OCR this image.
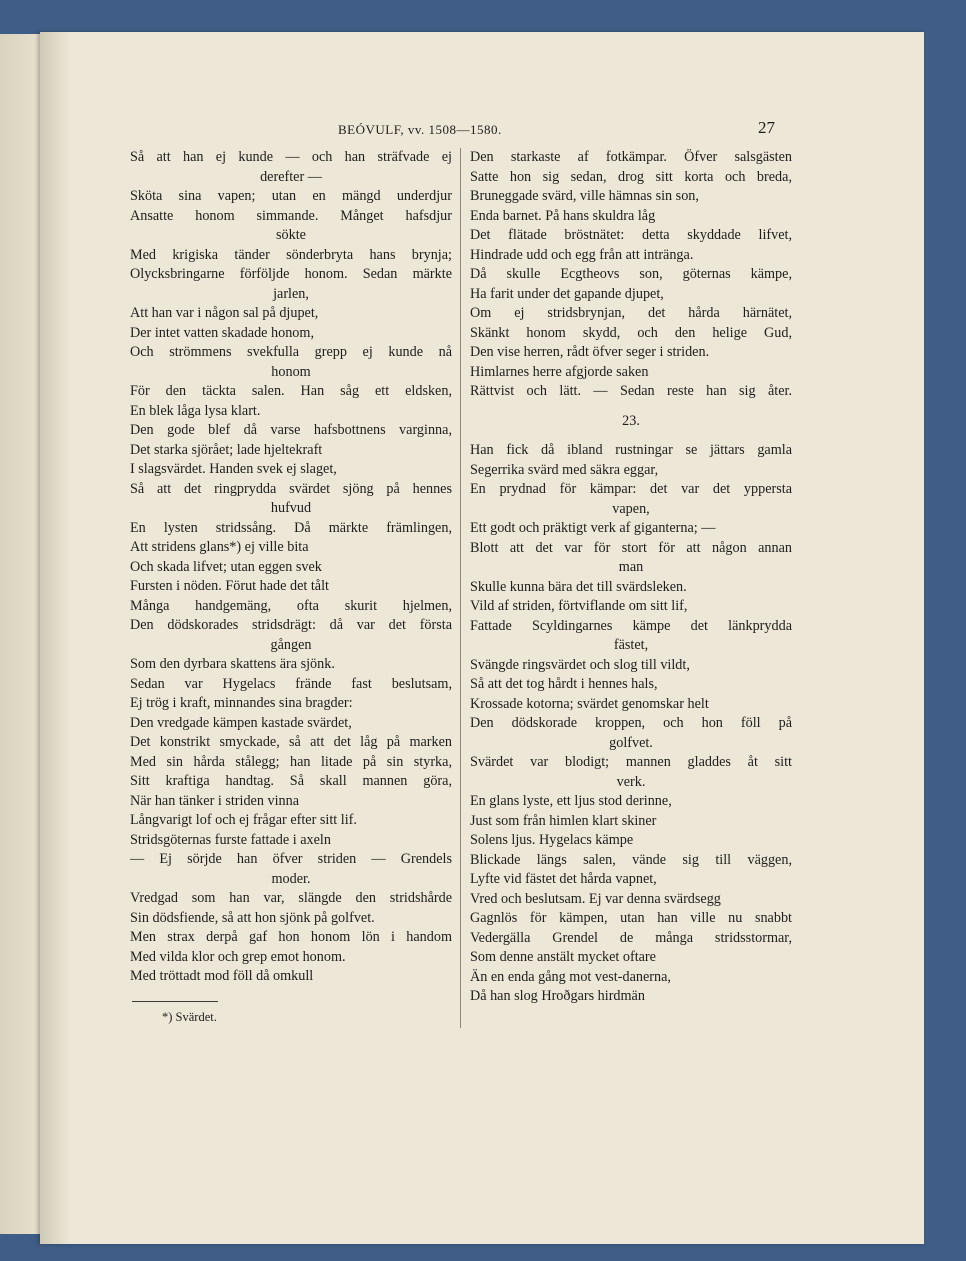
BEÓVULF, vv. 1508—1580.	27
Så att han ej kunde — och han sträfvade ej
derefter —
Sköta sina vapen; utan en mängd underdjur
Ansatte honom simmande. Månget hafsdjur
sökte
Med krigiska tänder sönderbryta hans brynja;
Olycksbringarne förföljde honom. Sedan märkte
jarlen,
Att han var i någon sal på djupet,
Der intet vatten skadade honom,
Och strömmens svekfulla grepp ej kunde nå
honom
För den täckta salen. Han såg ett eldsken,
En blek låga lysa klart.
Den gode blef då varse hafsbottnens varginna,
Det starka sjörået; lade hjeltekraft
I slagsvärdet. Handen svek ej slaget,
Så att det ringprydda svärdet sjöng på hennes
hufvud
En lysten stridssång. Då märkte främlingen,
Att stridens glans*) ej ville bita
Och skada lifvet; utan eggen svek
Fursten i nöden. Förut hade det tålt
Många handgemäng, ofta skurit hjelmen,
Den dödskorades stridsdrägt: då var det första
gången
Som den dyrbara skattens ära sjönk.
Sedan var Hygelacs frände fast beslutsam,
Ej trög i kraft, minnandes sina bragder:
Den vredgade kämpen kastade svärdet,
Det konstrikt smyckade, så att det låg på marken
Med sin hårda stålegg; han litade på sin styrka,
Sitt kraftiga handtag. Så skall mannen göra,
När han tänker i striden vinna
Långvarigt lof och ej frågar efter sitt lif.
Stridsgöternas furste fattade i axeln
— Ej sörjde han öfver striden — Grendels
moder.
Vredgad som han var, slängde den stridshårde
Sin dödsfiende, så att hon sjönk på golfvet.
Men strax derpå gaf hon honom lön i handom
Med vilda klor och grep emot honom.
Med tröttadt mod föll då omkull
*) Svärdet.
Den starkaste af fotkämpar. Öfver salsgästen
Satte hon sig sedan, drog sitt korta och breda,
Bruneggade svärd, ville hämnas sin son,
Enda barnet. På hans skuldra låg
Det flätade bröstnätet: detta skyddade lifvet,
Hindrade udd och egg från att intränga.
Då skulle Ecgtheovs son, göternas kämpe,
Ha farit under det gapande djupet,
Om ej stridsbrynjan, det hårda härnätet,
Skänkt honom skydd, och den helige Gud,
Den vise herren, rådt öfver seger i striden.
Himlarnes herre afgjorde saken
Rättvist och lätt. — Sedan reste han sig åter.
23.
Han fick då ibland rustningar se jättars gamla
Segerrika svärd med säkra eggar,
En prydnad för kämpar: det var det yppersta
vapen,
Ett godt och präktigt verk af giganterna; —
Blott att det var för stort för att någon annan
man
Skulle kunna bära det till svärdsleken.
Vild af striden, förtviflande om sitt lif,
Fattade Scyldingarnes kämpe det länkprydda
fästet,
Svängde ringsvärdet och slog till vildt,
Så att det tog hårdt i hennes hals,
Krossade kotorna; svärdet genomskar helt
Den dödskorade kroppen, och hon föll på
golfvet.
Svärdet var blodigt; mannen gladdes åt sitt
verk.
En glans lyste, ett ljus stod derinne,
Just som från himlen klart skiner
Solens ljus. Hygelacs kämpe
Blickade längs salen, vände sig till väggen,
Lyfte vid fästet det hårda vapnet,
Vred och beslutsam. Ej var denna svärdsegg
Gagnlös för kämpen, utan han ville nu snabbt
Vedergälla Grendel de många stridsstormar,
Som denne anstält mycket oftare
Än en enda gång mot vest-danerna,
Då han slog Hroðgars hirdmän
